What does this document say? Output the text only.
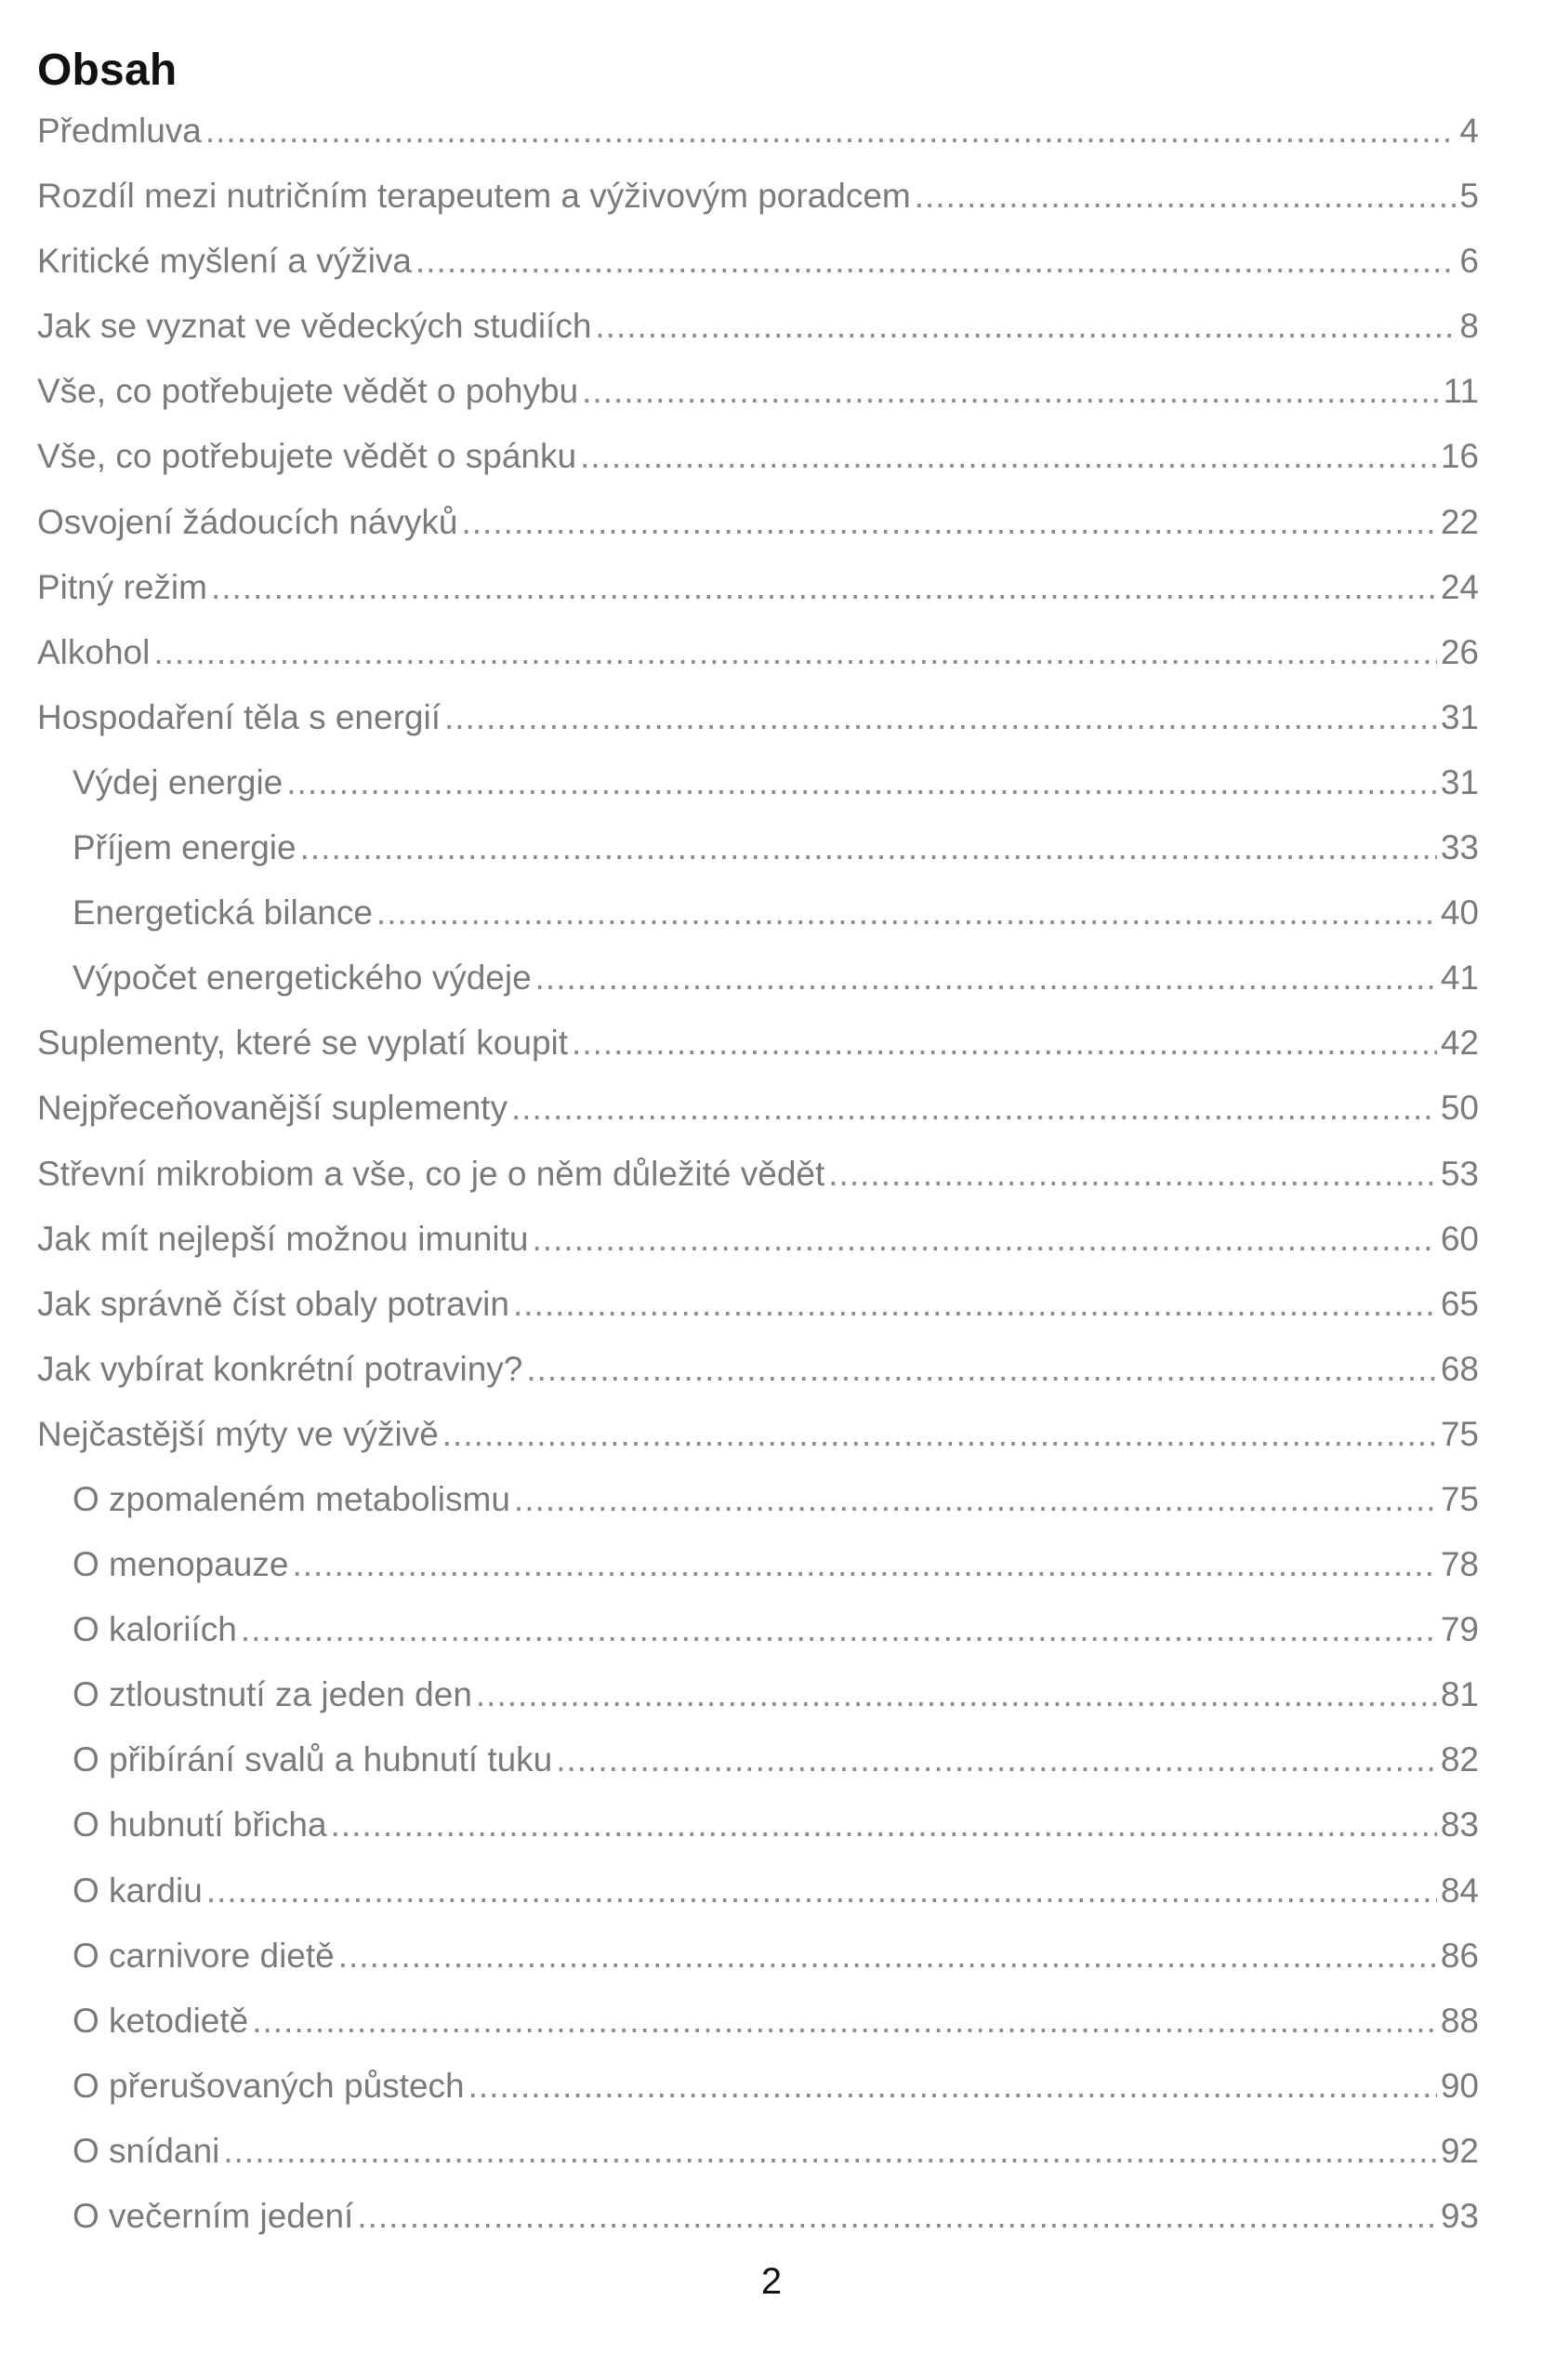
Obsah
Předmluva .....	4
Rozdíl mezi nutričním terapeutem a výživovým poradcem .....	5
Kritické myšlení a výživa .....	6
Jak se vyznat ve vědeckých studiích .....	8
Vše, co potřebujete vědět o pohybu .....	11
Vše, co potřebujete vědět o spánku .....	16
Osvojení žádoucích návyků .....	22
Pitný režim .....	24
Alkohol .....	26
Hospodaření těla s energií .....	31
Výdej energie .....	31
Příjem energie .....	33
Energetická bilance .....	40
Výpočet energetického výdeje .....	41
Suplementy, které se vyplatí koupit .....	42
Nejpřeceňovanější suplementy .....	50
Střevní mikrobiom a vše, co je o něm důležité vědět .....	53
Jak mít nejlepší možnou imunitu .....	60
Jak správně číst obaly potravin .....	65
Jak vybírat konkrétní potraviny? .....	68
Nejčastější mýty ve výživě .....	75
O zpomaleném metabolismu .....	75
O menopauze .....	78
O kaloriích .....	79
O ztloustnutí za jeden den .....	81
O přibírání svalů a hubnutí tuku .....	82
O hubnutí břicha .....	83
O kardiu .....	84
O carnivore dietě .....	86
O ketodietě .....	88
O přerušovaných půstech .....	90
O snídani .....	92
O večerním jedení .....	93
2
